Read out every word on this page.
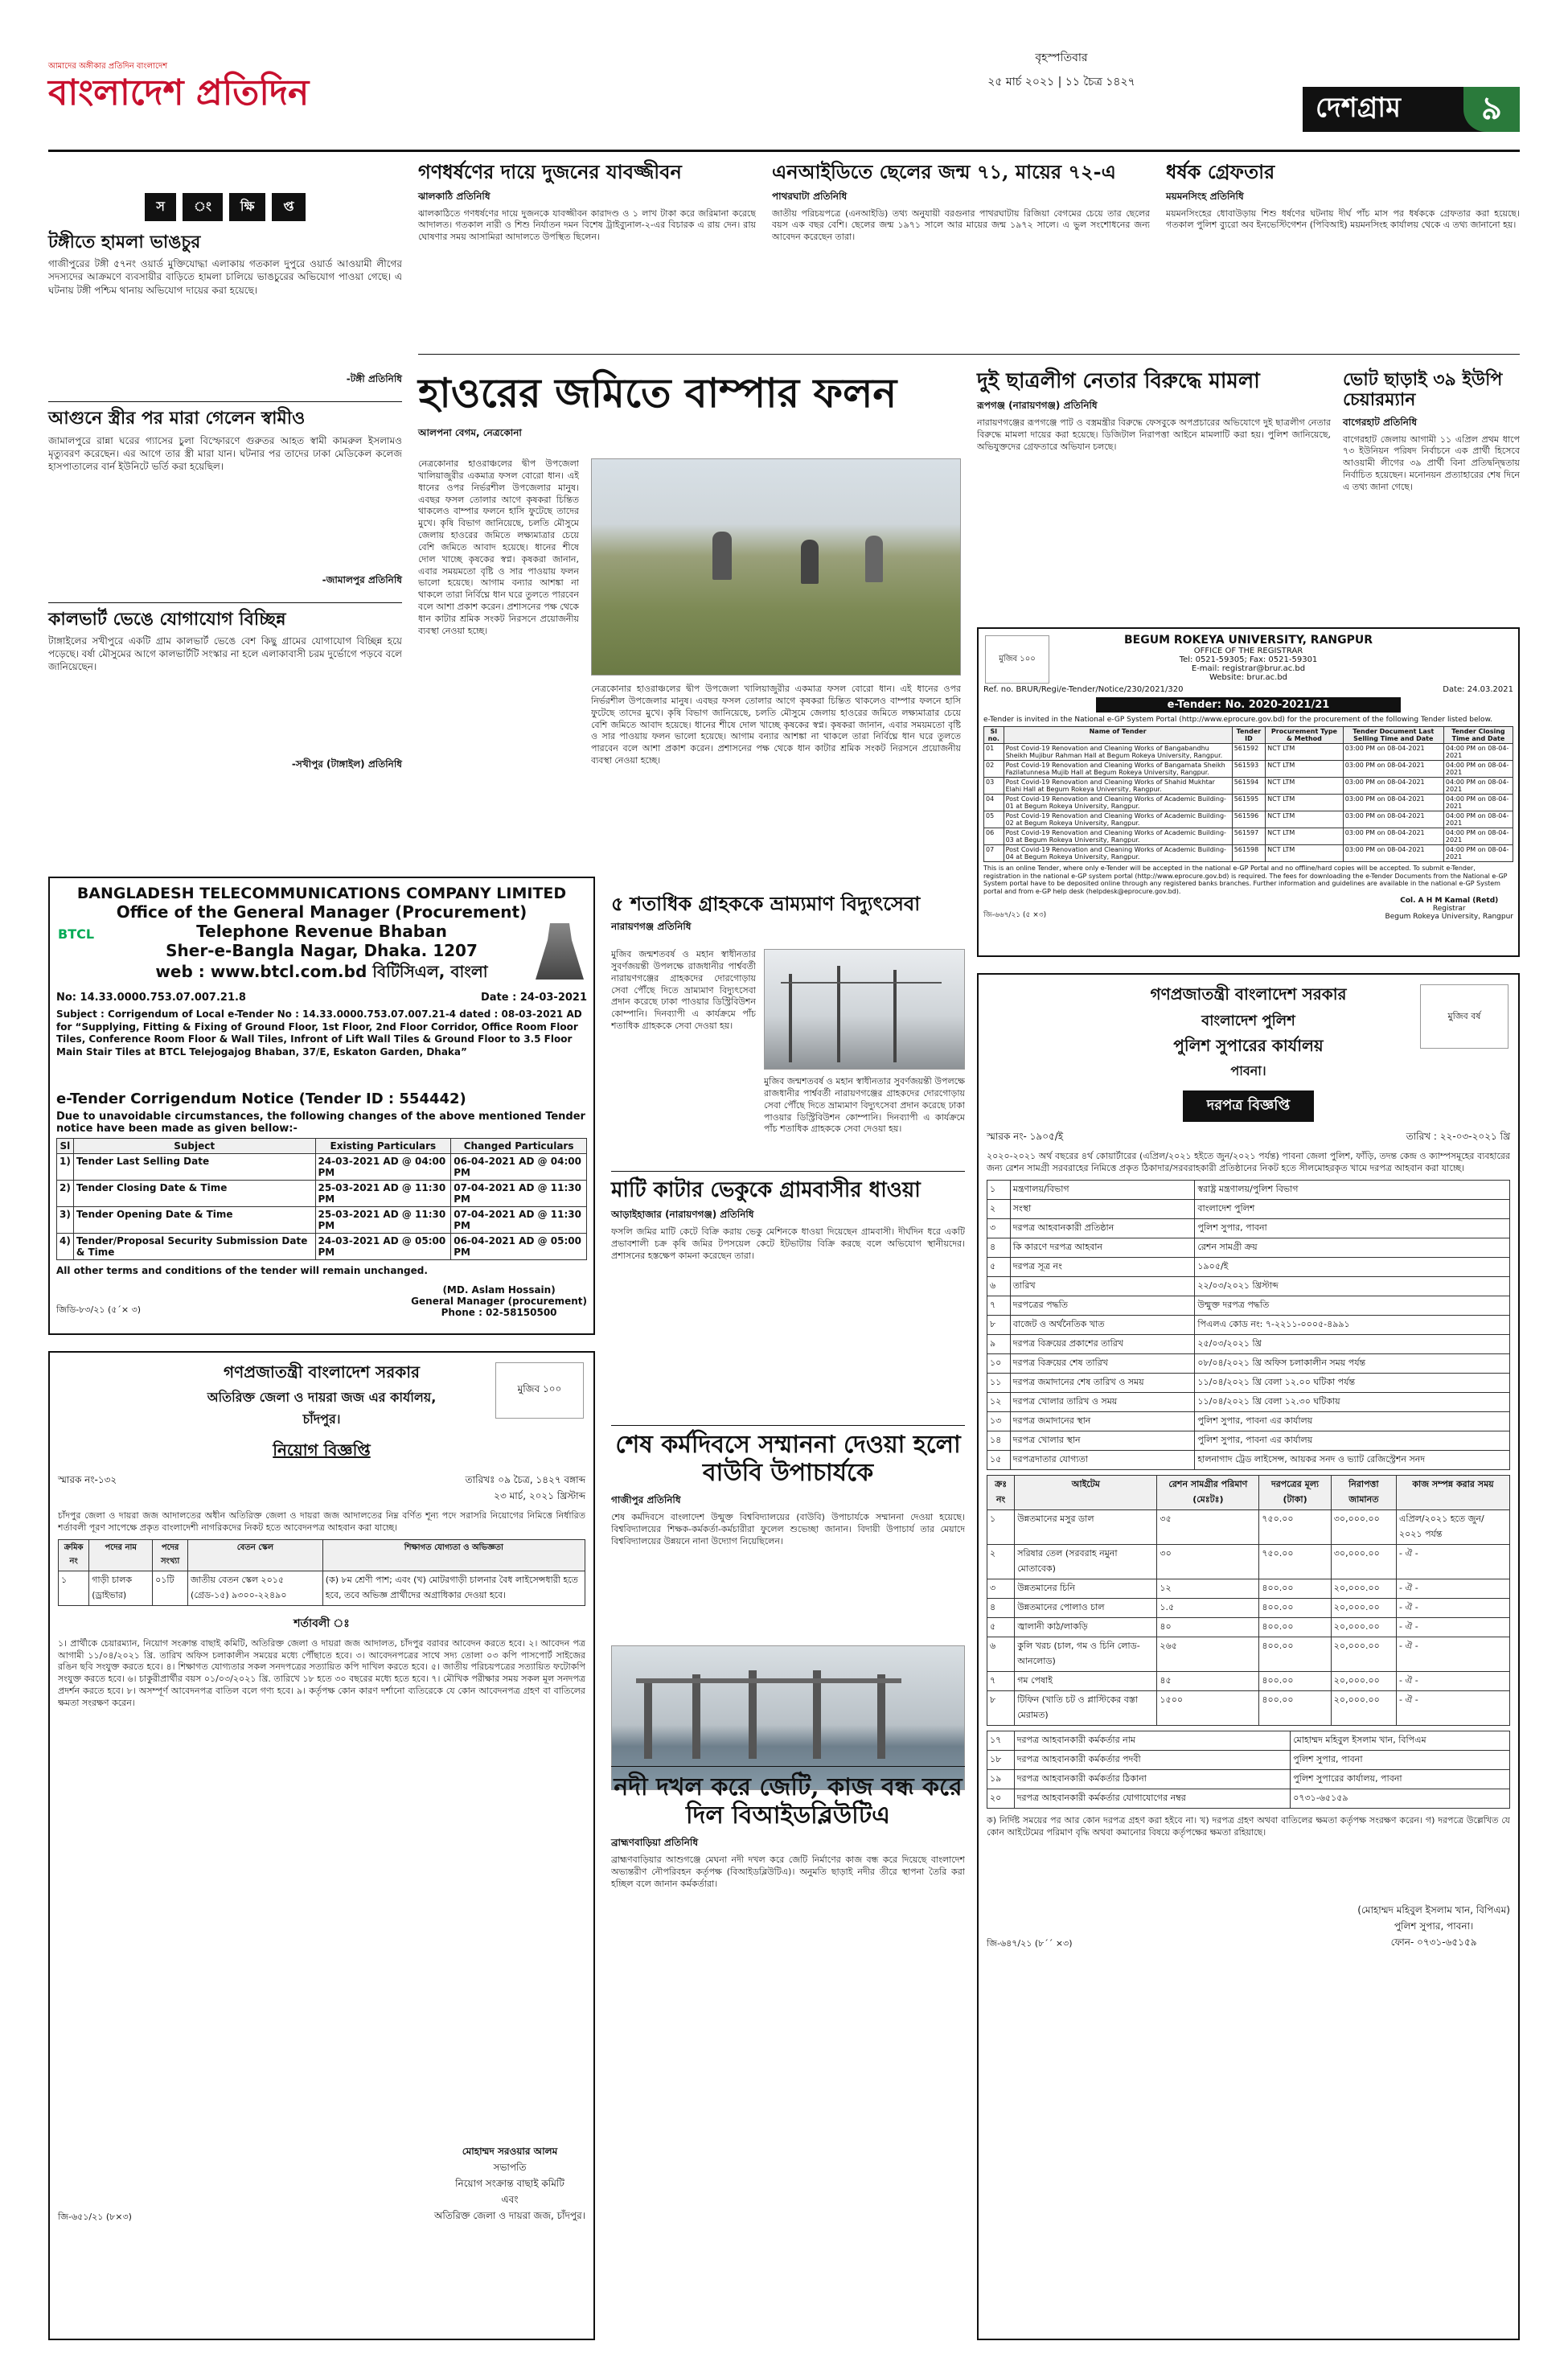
আমাদের অঙ্গীকার প্রতিদিন বাংলাদেশ
বাংলাদেশ প্রতিদিন
বৃহস্পতিবার
২৫ মার্চ ২০২১ | ১১ চৈত্র ১৪২৭
দেশগ্রাম	৯
স	ং	ক্ষি	প্ত
টঙ্গীতে হামলা ভাঙচুর
গাজীপুরের টঙ্গী ৫৭নং ওয়ার্ড মুক্তিযোদ্ধা এলাকায় গতকাল দুপুরে ওয়ার্ড আওয়ামী লীগের সদস্যদের আক্রমণে ব্যবসায়ীর বাড়িতে হামলা চালিয়ে ভাঙচুরের অভিযোগ পাওয়া গেছে। এ ঘটনায় টঙ্গী পশ্চিম থানায় অভিযোগ দায়ের করা হয়েছে।
-টঙ্গী প্রতিনিধি
আগুনে স্ত্রীর পর মারা গেলেন স্বামীও
জামালপুরে রান্না ঘরের গ্যাসের চুলা বিস্ফোরণে গুরুতর আহত স্বামী কামরুল ইসলামও মৃত্যুবরণ করেছেন। এর আগে তার স্ত্রী মারা যান। ঘটনার পর তাদের ঢাকা মেডিকেল কলেজ হাসপাতালের বার্ন ইউনিটে ভর্তি করা হয়েছিল।
-জামালপুর প্রতিনিধি
কালভার্ট ভেঙে যোগাযোগ বিচ্ছিন্ন
টাঙ্গাইলের সখীপুরে একটি গ্রাম কালভার্ট ভেঙে বেশ কিছু গ্রামের যোগাযোগ বিচ্ছিন্ন হয়ে পড়েছে। বর্ষা মৌসুমের আগে কালভার্টটি সংস্কার না হলে এলাকাবাসী চরম দুর্ভোগে পড়বে বলে জানিয়েছেন।
-সখীপুর (টাঙ্গাইল) প্রতিনিধি
গণধর্ষণের দায়ে দুজনের যাবজ্জীবন
ঝালকাঠি প্রতিনিধি
ঝালকাঠিতে গণধর্ষণের দায়ে দুজনকে যাবজ্জীবন কারাদণ্ড ও ১ লাখ টাকা করে জরিমানা করেছে আদালত। গতকাল নারী ও শিশু নির্যাতন দমন বিশেষ ট্রাইব্যুনাল-২-এর বিচারক এ রায় দেন। রায় ঘোষণার সময় আসামিরা আদালতে উপস্থিত ছিলেন।
এনআইডিতে ছেলের জন্ম ৭১, মায়ের ৭২-এ
পাথরঘাটা প্রতিনিধি
জাতীয় পরিচয়পত্রে (এনআইডি) তথ্য অনুযায়ী বরগুনার পাথরঘাটায় রিজিয়া বেগমের চেয়ে তার ছেলের বয়স এক বছর বেশি। ছেলের জন্ম ১৯৭১ সালে আর মায়ের জন্ম ১৯৭২ সালে। এ ভুল সংশোধনের জন্য আবেদন করেছেন তারা।
ধর্ষক গ্রেফতার
ময়মনসিংহ প্রতিনিধি
ময়মনসিংহের ধোবাউড়ায় শিশু ধর্ষণের ঘটনায় দীর্ঘ পাঁচ মাস পর ধর্ষককে গ্রেফতার করা হয়েছে। গতকাল পুলিশ ব্যুরো অব ইনভেস্টিগেশন (পিবিআই) ময়মনসিংহ কার্যালয় থেকে এ তথ্য জানানো হয়।
হাওরের জমিতে বাম্পার ফলন
আলপনা বেগম, নেত্রকোনা
নেত্রকোনার হাওরাঞ্চলের দ্বীপ উপজেলা খালিয়াজুরীর একমাত্র ফসল বোরো ধান। এই ধানের ওপর নির্ভরশীল উপজেলার মানুষ। এবছর ফসল তোলার আগে কৃষকরা চিন্তিত থাকলেও বাম্পার ফলনে হাসি ফুটেছে তাদের মুখে। কৃষি বিভাগ জানিয়েছে, চলতি মৌসুমে জেলায় হাওরের জমিতে লক্ষ্যমাত্রার চেয়ে বেশি জমিতে আবাদ হয়েছে। ধানের শীষে দোল খাচ্ছে কৃষকের স্বপ্ন। কৃষকরা জানান, এবার সময়মতো বৃষ্টি ও সার পাওয়ায় ফলন ভালো হয়েছে। আগাম বন্যার আশঙ্কা না থাকলে তারা নির্বিঘ্নে ধান ঘরে তুলতে পারবেন বলে আশা প্রকাশ করেন। প্রশাসনের পক্ষ থেকে ধান কাটার শ্রমিক সংকট নিরসনে প্রয়োজনীয় ব্যবস্থা নেওয়া হচ্ছে।
নেত্রকোনার হাওরাঞ্চলের দ্বীপ উপজেলা খালিয়াজুরীর একমাত্র ফসল বোরো ধান। এই ধানের ওপর নির্ভরশীল উপজেলার মানুষ। এবছর ফসল তোলার আগে কৃষকরা চিন্তিত থাকলেও বাম্পার ফলনে হাসি ফুটেছে তাদের মুখে। কৃষি বিভাগ জানিয়েছে, চলতি মৌসুমে জেলায় হাওরের জমিতে লক্ষ্যমাত্রার চেয়ে বেশি জমিতে আবাদ হয়েছে। ধানের শীষে দোল খাচ্ছে কৃষকের স্বপ্ন। কৃষকরা জানান, এবার সময়মতো বৃষ্টি ও সার পাওয়ায় ফলন ভালো হয়েছে। আগাম বন্যার আশঙ্কা না থাকলে তারা নির্বিঘ্নে ধান ঘরে তুলতে পারবেন বলে আশা প্রকাশ করেন। প্রশাসনের পক্ষ থেকে ধান কাটার শ্রমিক সংকট নিরসনে প্রয়োজনীয় ব্যবস্থা নেওয়া হচ্ছে।
দুই ছাত্রলীগ নেতার বিরুদ্ধে মামলা
রূপগঞ্জ (নারায়ণগঞ্জ) প্রতিনিধি
নারায়ণগঞ্জের রূপগঞ্জে পাট ও বস্ত্রমন্ত্রীর বিরুদ্ধে ফেসবুকে অপপ্রচারের অভিযোগে দুই ছাত্রলীগ নেতার বিরুদ্ধে মামলা দায়ের করা হয়েছে। ডিজিটাল নিরাপত্তা আইনে মামলাটি করা হয়। পুলিশ জানিয়েছে, অভিযুক্তদের গ্রেফতারে অভিযান চলছে।
ভোট ছাড়াই ৩৯ ইউপি চেয়ারম্যান
বাগেরহাট প্রতিনিধি
বাগেরহাট জেলায় আগামী ১১ এপ্রিল প্রথম ধাপে ৭৩ ইউনিয়ন পরিষদ নির্বাচনে এক প্রার্থী হিসেবে আওয়ামী লীগের ৩৯ প্রার্থী বিনা প্রতিদ্বন্দ্বিতায় নির্বাচিত হয়েছেন। মনোনয়ন প্রত্যাহারের শেষ দিনে এ তথ্য জানা গেছে।
মুজিব ১০০
BEGUM ROKEYA UNIVERSITY, RANGPUR
OFFICE OF THE REGISTRAR
Tel: 0521-59305; Fax: 0521-59301
E-mail: registrar@brur.ac.bd
Website: brur.ac.bd
Ref. no. BRUR/Regi/e-Tender/Notice/230/2021/320	Date: 24.03.2021
e-Tender: No. 2020-2021/21
e-Tender is invited in the National e-GP System Portal (http://www.eprocure.gov.bd) for the procurement of the following Tender listed below.
Sl no.	Name of Tender	Tender ID	Procurement Type & Method	Tender Document Last Selling Time and Date	Tender Closing Time and Date
01	Post Covid-19 Renovation and Cleaning Works of Bangabandhu Sheikh Mujibur Rahman Hall at Begum Rokeya University, Rangpur.	561592	NCT LTM	03:00 PM on 08-04-2021	04:00 PM on 08-04-2021
02	Post Covid-19 Renovation and Cleaning Works of Bangamata Sheikh Fazilatunnesa Mujib Hall at Begum Rokeya University, Rangpur.	561593	NCT LTM	03:00 PM on 08-04-2021	04:00 PM on 08-04-2021
03	Post Covid-19 Renovation and Cleaning Works of Shahid Mukhtar Elahi Hall at Begum Rokeya University, Rangpur.	561594	NCT LTM	03:00 PM on 08-04-2021	04:00 PM on 08-04-2021
04	Post Covid-19 Renovation and Cleaning Works of Academic Building-01 at Begum Rokeya University, Rangpur.	561595	NCT LTM	03:00 PM on 08-04-2021	04:00 PM on 08-04-2021
05	Post Covid-19 Renovation and Cleaning Works of Academic Building-02 at Begum Rokeya University, Rangpur.	561596	NCT LTM	03:00 PM on 08-04-2021	04:00 PM on 08-04-2021
06	Post Covid-19 Renovation and Cleaning Works of Academic Building-03 at Begum Rokeya University, Rangpur.	561597	NCT LTM	03:00 PM on 08-04-2021	04:00 PM on 08-04-2021
07	Post Covid-19 Renovation and Cleaning Works of Academic Building-04 at Begum Rokeya University, Rangpur.	561598	NCT LTM	03:00 PM on 08-04-2021	04:00 PM on 08-04-2021
This is an online Tender, where only e-Tender will be accepted in the national e-GP Portal and no offline/hard copies will be accepted. To submit e-Tender, registration in the national e-GP system portal (http://www.eprocure.gov.bd) is required. The fees for downloading the e-Tender Documents from the National e-GP System portal have to be deposited online through any registered banks branches. Further information and guidelines are available in the national e-GP System portal and from e-GP help desk (helpdesk@eprocure.gov.bd).
জি-৬৬৭/২১ (৫ ×৩)
Col. A H M Kamal (Retd)
Registrar
Begum Rokeya University, Rangpur
BANGLADESH TELECOMMUNICATIONS COMPANY LIMITED
Office of the General Manager (Procurement)
BTCL	Telephone Revenue Bhaban
Sher-e-Bangla Nagar, Dhaka. 1207
web : www.btcl.com.bd বিটিসিএল, বাংলা
No: 14.33.0000.753.07.007.21.8	Date : 24-03-2021
Subject : Corrigendum of Local e-Tender No : 14.33.0000.753.07.007.21-4 dated : 08-03-2021 AD for “Supplying, Fitting & Fixing of Ground Floor, 1st Floor, 2nd Floor Corridor, Office Room Floor Tiles, Conference Room Floor & Wall Tiles, Infront of Lift Wall Tiles & Ground Floor to 3.5 Floor Main Stair Tiles at BTCL Telejogajog Bhaban, 37/E, Eskaton Garden, Dhaka”
e-Tender Corrigendum Notice (Tender ID : 554442)
Due to unavoidable circumstances, the following changes of the above mentioned Tender notice have been made as given bellow:-
Sl	Subject	Existing Particulars	Changed Particulars
1)	Tender Last Selling Date	24-03-2021 AD @ 04:00 PM	06-04-2021 AD @ 04:00 PM
2)	Tender Closing Date & Time	25-03-2021 AD @ 11:30 PM	07-04-2021 AD @ 11:30 PM
3)	Tender Opening Date & Time	25-03-2021 AD @ 11:30 PM	07-04-2021 AD @ 11:30 PM
4)	Tender/Proposal Security Submission Date & Time	24-03-2021 AD @ 05:00 PM	06-04-2021 AD @ 05:00 PM
All other terms and conditions of the tender will remain unchanged.
জিডি-৮৩/২১ (৫´× ৩)
(MD. Aslam Hossain)
General Manager (procurement)
Phone : 02-58150500
৫ শতাধিক গ্রাহককে ভ্রাম্যমাণ বিদ্যুৎসেবা
নারায়ণগঞ্জ প্রতিনিধি
মুজিব জন্মশতবর্ষ ও মহান স্বাধীনতার সুবর্ণজয়ন্তী উপলক্ষে রাজধানীর পার্শ্ববর্তী নারায়ণগঞ্জের গ্রাহকদের দোরগোড়ায় সেবা পৌঁছে দিতে ভ্রাম্যমাণ বিদ্যুৎসেবা প্রদান করেছে ঢাকা পাওয়ার ডিস্ট্রিবিউশন কোম্পানি। দিনব্যাপী এ কার্যক্রমে পাঁচ শতাধিক গ্রাহককে সেবা দেওয়া হয়।
মুজিব জন্মশতবর্ষ ও মহান স্বাধীনতার সুবর্ণজয়ন্তী উপলক্ষে রাজধানীর পার্শ্ববর্তী নারায়ণগঞ্জের গ্রাহকদের দোরগোড়ায় সেবা পৌঁছে দিতে ভ্রাম্যমাণ বিদ্যুৎসেবা প্রদান করেছে ঢাকা পাওয়ার ডিস্ট্রিবিউশন কোম্পানি। দিনব্যাপী এ কার্যক্রমে পাঁচ শতাধিক গ্রাহককে সেবা দেওয়া হয়।
মাটি কাটার ভেকুকে গ্রামবাসীর ধাওয়া
আড়াইহাজার (নারায়ণগঞ্জ) প্রতিনিধি
ফসলি জমির মাটি কেটে বিক্রি করায় ভেকু মেশিনকে ধাওয়া দিয়েছেন গ্রামবাসী। দীর্ঘদিন ধরে একটি প্রভাবশালী চক্র কৃষি জমির টপসয়েল কেটে ইটভাটায় বিক্রি করছে বলে অভিযোগ স্থানীয়দের। প্রশাসনের হস্তক্ষেপ কামনা করেছেন তারা।
শেষ কর্মদিবসে সম্মাননা দেওয়া হলো বাউবি উপাচার্যকে
গাজীপুর প্রতিনিধি
শেষ কর্মদিবসে বাংলাদেশ উন্মুক্ত বিশ্ববিদ্যালয়ের (বাউবি) উপাচার্যকে সম্মাননা দেওয়া হয়েছে। বিশ্ববিদ্যালয়ের শিক্ষক-কর্মকর্তা-কর্মচারীরা ফুলেল শুভেচ্ছা জানান। বিদায়ী উপাচার্য তার মেয়াদে বিশ্ববিদ্যালয়ের উন্নয়নে নানা উদ্যোগ নিয়েছিলেন।
নদী দখল করে জেটি, কাজ বন্ধ করে দিল বিআইডব্লিউটিএ
ব্রাহ্মণবাড়িয়া প্রতিনিধি
ব্রাহ্মণবাড়িয়ার আশুগঞ্জে মেঘনা নদী দখল করে জেটি নির্মাণের কাজ বন্ধ করে দিয়েছে বাংলাদেশ অভ্যন্তরীণ নৌপরিবহন কর্তৃপক্ষ (বিআইডব্লিউটিএ)। অনুমতি ছাড়াই নদীর তীরে স্থাপনা তৈরি করা হচ্ছিল বলে জানান কর্মকর্তারা।
মুজিব ১০০
গণপ্রজাতন্ত্রী বাংলাদেশ সরকার
অতিরিক্ত জেলা ও দায়রা জজ এর কার্যালয়,
চাঁদপুর।
নিয়োগ বিজ্ঞপ্তি
স্মারক নং-১৩২	তারিখঃ ০৯ চৈত্র, ১৪২৭ বঙ্গাব্দ
২৩ মার্চ, ২০২১ খ্রিস্টাব্দ
চাঁদপুর জেলা ও দায়রা জজ আদালতের অধীন অতিরিক্ত জেলা ও দায়রা জজ আদালতের নিম্ন বর্ণিত শূন্য পদে সরাসরি নিয়োগের নিমিত্তে নির্ধারিত শর্তাবলী পূরণ সাপেক্ষে প্রকৃত বাংলাদেশী নাগরিকদের নিকট হতে আবেদনপত্র আহবান করা যাচ্ছে।
ক্রমিক নং	পদের নাম	পদের সংখ্যা	বেতন স্কেল	শিক্ষাগত যোগ্যতা ও অভিজ্ঞতা
১	গাড়ী চালক (ড্রাইভার)	০১টি	জাতীয় বেতন স্কেল ২০১৫ (গ্রেড-১৫) ৯৩০০-২২৪৯০	(ক) ৮ম শ্রেণী পাশ; এবং (খ) মোটরগাড়ী চালনার বৈধ লাইসেন্সধারী হতে হবে, তবে অভিজ্ঞ প্রার্থীদের অগ্রাধিকার দেওয়া হবে।
শর্তাবলী ঃ
১। প্রার্থীকে চেয়ারম্যান, নিয়োগ সংক্রান্ত বাছাই কমিটি, অতিরিক্ত জেলা ও দায়রা জজ আদালত, চাঁদপুর বরাবর আবেদন করতে হবে। ২। আবেদন পত্র আগামী ১১/০৪/২০২১ খ্রি. তারিখ অফিস চলাকালীন সময়ের মধ্যে পৌঁছাতে হবে। ৩। আবেদনপত্রের সাথে সদ্য তোলা ০৩ কপি পাসপোর্ট সাইজের রঙিন ছবি সংযুক্ত করতে হবে। ৪। শিক্ষাগত যোগ্যতার সকল সনদপত্রের সত্যায়িত কপি দাখিল করতে হবে। ৫। জাতীয় পরিচয়পত্রের সত্যায়িত ফটোকপি সংযুক্ত করতে হবে। ৬। চাকুরীপ্রার্থীর বয়স ০১/০৩/২০২১ খ্রি. তারিখে ১৮ হতে ৩০ বছরের মধ্যে হতে হবে। ৭। মৌখিক পরীক্ষার সময় সকল মূল সনদপত্র প্রদর্শন করতে হবে। ৮। অসম্পূর্ণ আবেদনপত্র বাতিল বলে গণ্য হবে। ৯। কর্তৃপক্ষ কোন কারণ দর্শানো ব্যতিরেকে যে কোন আবেদনপত্র গ্রহণ বা বাতিলের ক্ষমতা সংরক্ষণ করেন।
জি-৬৫১/২১ (৮×৩)
মোহাম্মদ সরওয়ার আলম
সভাপতি
নিয়োগ সংক্রান্ত বাছাই কমিটি
এবং
অতিরিক্ত জেলা ও দায়রা জজ, চাঁদপুর।
মুজিব বর্ষ
গণপ্রজাতন্ত্রী বাংলাদেশ সরকার
বাংলাদেশ পুলিশ
পুলিশ সুপারের কার্যালয়
পাবনা।
দরপত্র বিজ্ঞপ্তি
স্মারক নং- ১৯০৫/ই	তারিখ : ২২-০৩-২০২১ খ্রি
২০২০-২০২১ অর্থ বছরের ৪র্থ কোয়ার্টারের (এপ্রিল/২০২১ হইতে জুন/২০২১ পর্যন্ত) পাবনা জেলা পুলিশ, ফাঁড়ি, তদন্ত কেন্দ্র ও ক্যাম্পসমূহের ব্যবহারের জন্য রেশন সামগ্রী সরবরাহের নিমিত্তে প্রকৃত ঠিকাদার/সরবরাহকারী প্রতিষ্ঠানের নিকট হতে সীলমোহরকৃত খামে দরপত্র আহবান করা যাচ্ছে।
১	মন্ত্রণালয়/বিভাগ	স্বরাষ্ট্র মন্ত্রণালয়/পুলিশ বিভাগ
২	সংস্থা	বাংলাদেশ পুলিশ
৩	দরপত্র আহবানকারী প্রতিষ্ঠান	পুলিশ সুপার, পাবনা
৪	কি কারণে দরপত্র আহবান	রেশন সামগ্রী ক্রয়
৫	দরপত্র সূত্র নং	১৯০৫/ই
৬	তারিখ	২২/০৩/২০২১ খ্রিস্টাব্দ
৭	দরপত্রের পদ্ধতি	উন্মুক্ত দরপত্র পদ্ধতি
৮	বাজেট ও অর্থনৈতিক খাত	পিএলএ কোড নং: ৭-২২১১-০০০৫-৪৯৯১
৯	দরপত্র বিক্রয়ের প্রকাশের তারিখ	২৫/০৩/২০২১ খ্রি
১০	দরপত্র বিক্রয়ের শেষ তারিখ	০৮/০৪/২০২১ খ্রি অফিস চলাকালীন সময় পর্যন্ত
১১	দরপত্র জমাদানের শেষ তারিখ ও সময়	১১/০৪/২০২১ খ্রি বেলা ১২.০০ ঘটিকা পর্যন্ত
১২	দরপত্র খোলার তারিখ ও সময়	১১/০৪/২০২১ খ্রি বেলা ১২.৩০ ঘটিকায়
১৩	দরপত্র জমাদানের স্থান	পুলিশ সুপার, পাবনা এর কার্যালয়
১৪	দরপত্র খোলার স্থান	পুলিশ সুপার, পাবনা এর কার্যালয়
১৫	দরপত্রদাতার যোগ্যতা	হালনাগাদ ট্রেড লাইসেন্স, আয়কর সনদ ও ভ্যাট রেজিস্ট্রেশন সনদ
ক্রঃ নং	আইটেম	রেশন সামগ্রীর পরিমাণ (মেঃটঃ)	দরপত্রের মূল্য (টাকা)	নিরাপত্তা জামানত	কাজ সম্পন্ন করার সময়
১	উন্নতমানের মসুর ডাল	৩৫	৭৫০.০০	৩০,০০০.০০	এপ্রিল/২০২১ হতে জুন/২০২১ পর্যন্ত
২	সরিষার তেল (সরবরাহ নমুনা মোতাবেক)	৩০	৭৫০.০০	৩০,০০০.০০	- ঐ -
৩	উন্নতমানের চিনি	১২	৪০০.০০	২০,০০০.০০	- ঐ -
৪	উন্নতমানের পোলাও চাল	১.৫	৪০০.০০	২০,০০০.০০	- ঐ -
৫	জ্বালানী কাঠ/লাকড়ি	৪০	৪০০.০০	২০,০০০.০০	- ঐ -
৬	কুলি খরচ (চাল, গম ও চিনি লোড-আনলোড)	২৬৫	৪০০.০০	২০,০০০.০০	- ঐ -
৭	গম পেষাই	৪৫	৪০০.০০	২০,০০০.০০	- ঐ -
৮	টিফিন (খাতি চট ও প্লাস্টিকের বস্তা মেরামত)	১৫০০	৪০০.০০	২০,০০০.০০	- ঐ -
১৭	দরপত্র আহবানকারী কর্মকর্তার নাম	মোহাম্মদ মহিবুল ইসলাম খান, বিপিএম
১৮	দরপত্র আহবানকারী কর্মকর্তার পদবী	পুলিশ সুপার, পাবনা
১৯	দরপত্র আহবানকারী কর্মকর্তার ঠিকানা	পুলিশ সুপারের কার্যালয়, পাবনা
২০	দরপত্র আহবানকারী কর্মকর্তার যোগাযোগের নম্বর	০৭৩১-৬৫১৫৯
ক) নির্দিষ্ট সময়ের পর আর কোন দরপত্র গ্রহণ করা হইবে না। খ) দরপত্র গ্রহণ অথবা বাতিলের ক্ষমতা কর্তৃপক্ষ সংরক্ষণ করেন। গ) দরপত্রে উল্লেখিত যে কোন আইটেমের পরিমাণ বৃদ্ধি অথবা কমানোর বিষয়ে কর্তৃপক্ষের ক্ষমতা রহিয়াছে।
জি-৬৪৭/২১ (৮´´ ×৩)
(মোহাম্মদ মহিবুল ইসলাম খান, বিপিএম)
পুলিশ সুপার, পাবনা।
ফোন- ০৭৩১-৬৫১৫৯
